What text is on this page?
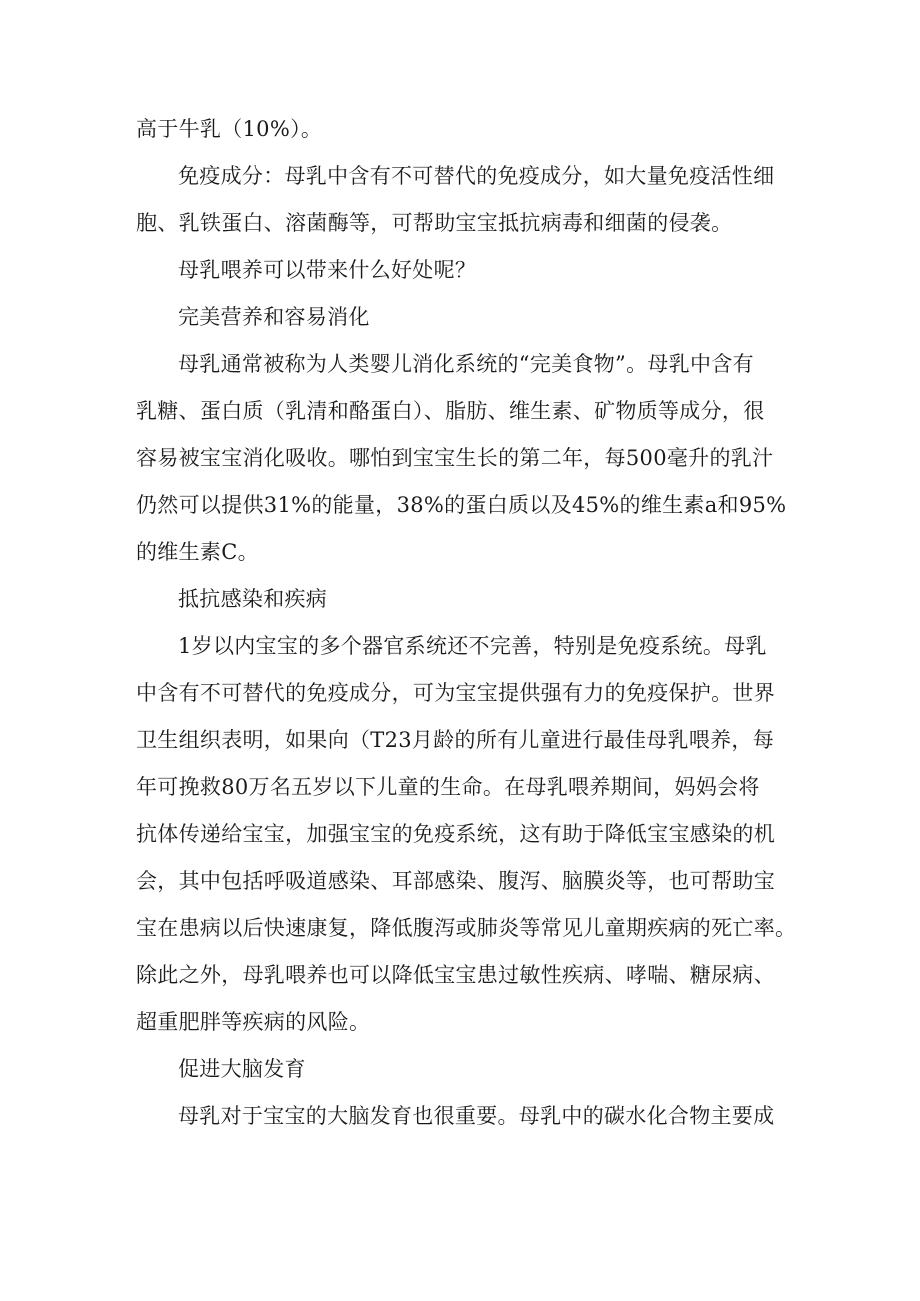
高于牛乳（10%）。
免疫成分：母乳中含有不可替代的免疫成分，如大量免疫活性细
胞、乳铁蛋白、溶菌酶等，可帮助宝宝抵抗病毒和细菌的侵袭。
母乳喂养可以带来什么好处呢？
完美营养和容易消化
母乳通常被称为人类婴儿消化系统的“完美食物”。母乳中含有
乳糖、蛋白质（乳清和酪蛋白）、脂肪、维生素、矿物质等成分，很
容易被宝宝消化吸收。哪怕到宝宝生长的第二年，每500毫升的乳汁
仍然可以提供31%的能量，38%的蛋白质以及45%的维生素a和95%
的维生素C。
抵抗感染和疾病
1岁以内宝宝的多个器官系统还不完善，特别是免疫系统。母乳
中含有不可替代的免疫成分，可为宝宝提供强有力的免疫保护。世界
卫生组织表明，如果向（T23月龄的所有儿童进行最佳母乳喂养，每
年可挽救80万名五岁以下儿童的生命。在母乳喂养期间，妈妈会将
抗体传递给宝宝，加强宝宝的免疫系统，这有助于降低宝宝感染的机
会，其中包括呼吸道感染、耳部感染、腹泻、脑膜炎等，也可帮助宝
宝在患病以后快速康复，降低腹泻或肺炎等常见儿童期疾病的死亡率。
除此之外，母乳喂养也可以降低宝宝患过敏性疾病、哮喘、糖尿病、
超重肥胖等疾病的风险。
促进大脑发育
母乳对于宝宝的大脑发育也很重要。母乳中的碳水化合物主要成
